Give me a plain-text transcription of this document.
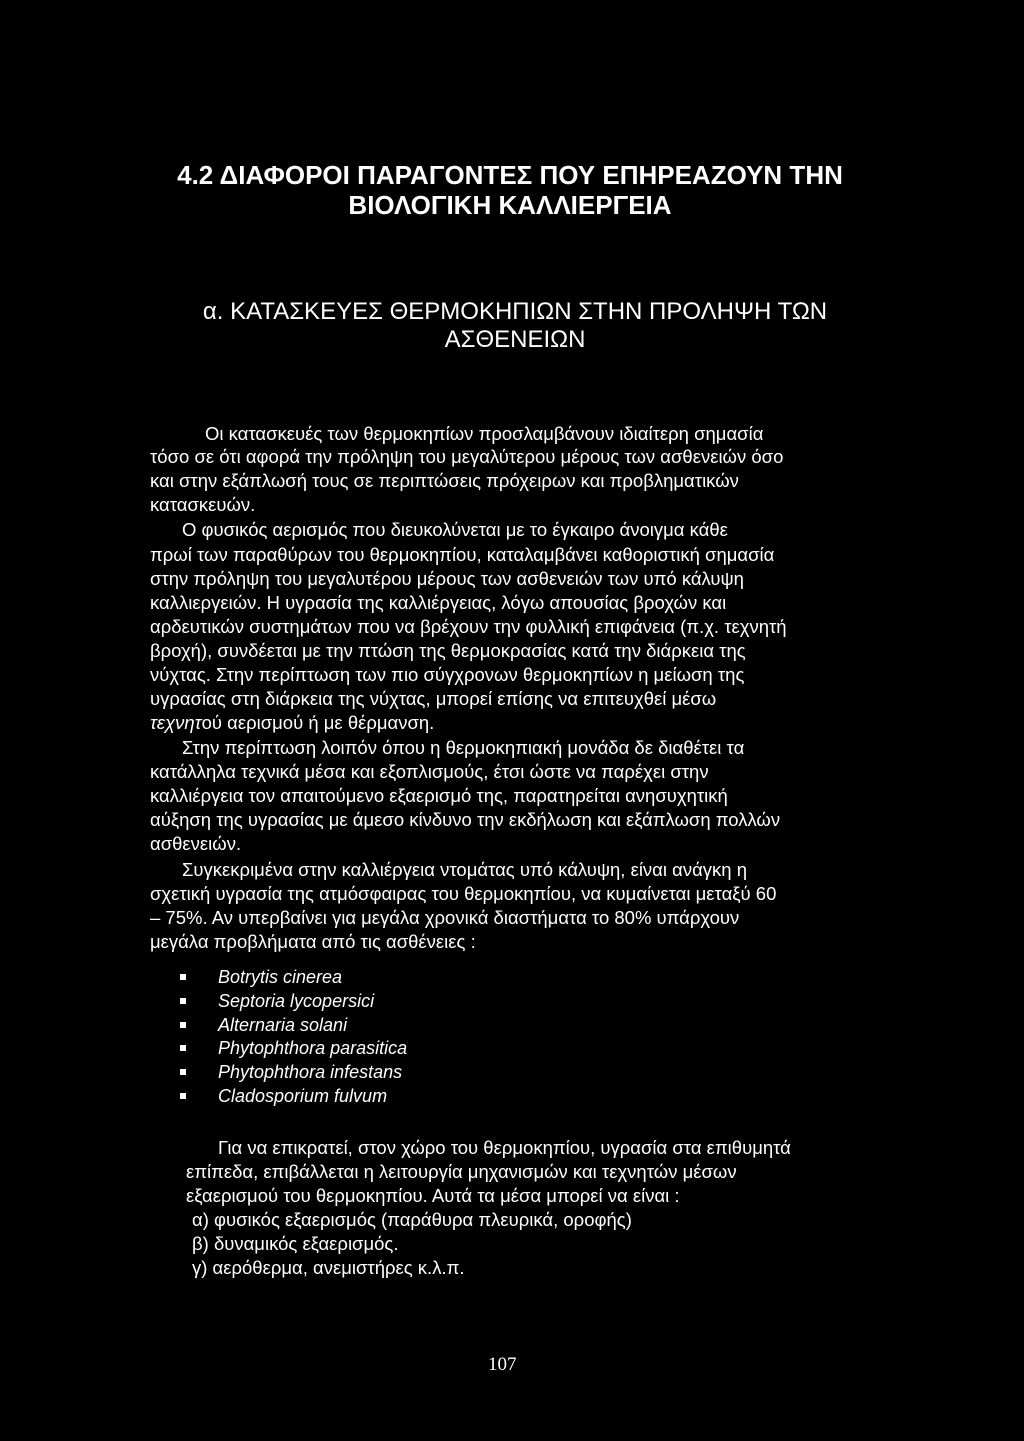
4.2 ΔΙΑΦΟΡΟΙ ΠΑΡΑΓΟΝΤΕΣ ΠΟΥ ΕΠΗΡΕΑΖΟΥΝ ΤΗΝ
ΒΙΟΛΟΓΙΚΗ ΚΑΛΛΙΕΡΓΕΙΑ
α. ΚΑΤΑΣΚΕΥΕΣ ΘΕΡΜΟΚΗΠΙΩΝ ΣΤΗΝ ΠΡΟΛΗΨΗ ΤΩΝ
ΑΣΘΕΝΕΙΩΝ
Οι κατασκευές των θερμοκηπίων προσλαμβάνουν ιδιαίτερη σημασία
τόσο σε ότι αφορά την πρόληψη του μεγαλύτερου μέρους των ασθενειών όσο
και στην εξάπλωσή τους σε περιπτώσεις πρόχειρων και προβληματικών
κατασκευών.
Ο φυσικός αερισμός που διευκολύνεται με το έγκαιρο άνοιγμα κάθε
πρωί των παραθύρων του θερμοκηπίου, καταλαμβάνει καθοριστική σημασία
στην πρόληψη του μεγαλυτέρου μέρους των ασθενειών των υπό κάλυψη
καλλιεργειών. Η υγρασία της καλλιέργειας, λόγω απουσίας βροχών και
αρδευτικών συστημάτων που να βρέχουν την φυλλική επιφάνεια (π.χ. τεχνητή
βροχή), συνδέεται με την πτώση της θερμοκρασίας κατά την διάρκεια της
νύχτας. Στην περίπτωση των πιο σύγχρονων θερμοκηπίων η μείωση της
υγρασίας στη διάρκεια της νύχτας, μπορεί επίσης να επιτευχθεί μέσω
τεχνητού αερισμού ή με θέρμανση.
Στην περίπτωση λοιπόν όπου η θερμοκηπιακή μονάδα δε διαθέτει τα
κατάλληλα τεχνικά μέσα και εξοπλισμούς, έτσι ώστε να παρέχει στην
καλλιέργεια τον απαιτούμενο εξαερισμό της, παρατηρείται ανησυχητική
αύξηση της υγρασίας με άμεσο κίνδυνο την εκδήλωση και εξάπλωση πολλών
ασθενειών.
Συγκεκριμένα στην καλλιέργεια ντομάτας υπό κάλυψη, είναι ανάγκη η
σχετική υγρασία της ατμόσφαιρας του θερμοκηπίου, να κυμαίνεται μεταξύ 60
– 75%. Αν υπερβαίνει για μεγάλα χρονικά διαστήματα το 80% υπάρχουν
μεγάλα προβλήματα από τις ασθένειες :
Botrytis cinerea
Septoria lycopersici
Alternaria solani
Phytophthora parasitica
Phytophthora infestans
Cladosporium fulvum
Για να επικρατεί, στον χώρο του θερμοκηπίου, υγρασία στα επιθυμητά
επίπεδα, επιβάλλεται η λειτουργία μηχανισμών και τεχνητών μέσων
εξαερισμού του θερμοκηπίου. Αυτά τα μέσα μπορεί να είναι :
α) φυσικός εξαερισμός (παράθυρα πλευρικά, οροφής)
β) δυναμικός εξαερισμός.
γ) αερόθερμα, ανεμιστήρες κ.λ.π.
107
